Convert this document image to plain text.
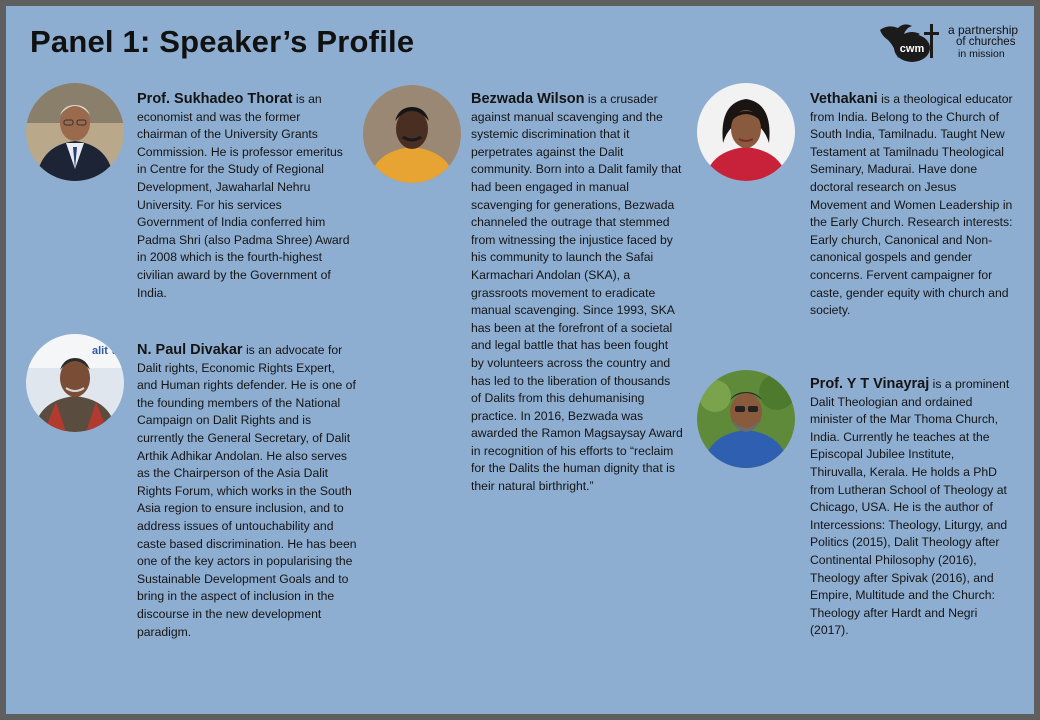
Panel 1: Speaker’s Profile	cwm
a partnership
of churches
in mission

Prof. Sukhadeo Thorat is an economist and was the former chairman of the University Grants Commission. He is professor emeritus in Centre for the Study of Regional Development, Jawaharlal Nehru University. For his services Government of India conferred him Padma Shri (also Padma Shree) Award in 2008 which is the fourth-highest civilian award by the Government of India.

alit W N. Paul Divakar is an advocate for Dalit rights, Economic Rights Expert, and Human rights defender. He is one of the founding members of the National Campaign on Dalit Rights and is currently the General Secretary, of Dalit Arthik Adhikar Andolan. He also serves as the Chairperson of the Asia Dalit Rights Forum, which works in the South Asia region to ensure inclusion, and to address issues of untouchability and caste based discrimination. He has been one of the key actors in popularising the Sustainable Development Goals and to bring in the aspect of inclusion in the discourse in the new development paradigm.

Bezwada Wilson is a crusader against manual scavenging and the systemic discrimination that it perpetrates against the Dalit community. Born into a Dalit family that had been engaged in manual scavenging for generations, Bezwada channeled the outrage that stemmed from witnessing the injustice faced by his community to launch the Safai Karmachari Andolan (SKA), a grassroots movement to eradicate manual scavenging. Since 1993, SKA has been at the forefront of a societal and legal battle that has been fought by volunteers across the country and has led to the liberation of thousands of Dalits from this dehumanising practice. In 2016, Bezwada was awarded the Ramon Magsaysay Award in recognition of his efforts to “reclaim for the Dalits the human dignity that is their natural birthright.”

Vethakani is a theological educator from India. Belong to the Church of South India, Tamilnadu. Taught New Testament at Tamilnadu Theological Seminary, Madurai. Have done doctoral research on Jesus Movement and Women Leadership in the Early Church. Research interests: Early church, Canonical and Non- canonical gospels and gender concerns. Fervent campaigner for caste, gender equity with church and society.

Prof. Y T Vinayraj is a prominent Dalit Theologian and ordained minister of the Mar Thoma Church, India. Currently he teaches at the Episcopal Jubilee Institute, Thiruvalla, Kerala. He holds a PhD from Lutheran School of Theology at Chicago, USA. He is the author of Intercessions: Theology, Liturgy, and Politics (2015), Dalit Theology after Continental Philosophy (2016), Theology after Spivak (2016), and Empire, Multitude and the Church: Theology after Hardt and Negri (2017).
